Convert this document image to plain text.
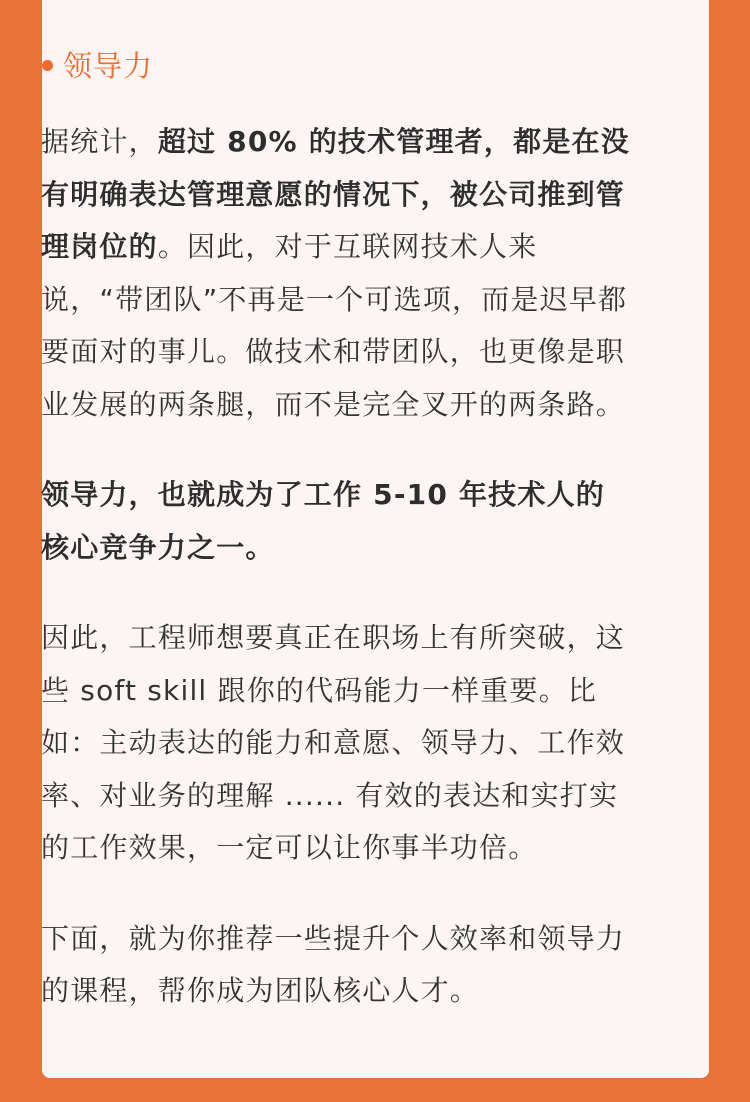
领导力

据统计，超过 80% 的技术管理者，都是在没有明确表达管理意愿的情况下，被公司推到管理岗位的。因此，对于互联网技术人来说，“带团队”不再是一个可选项，而是迟早都要面对的事儿。做技术和带团队，也更像是职业发展的两条腿，而不是完全叉开的两条路。

领导力，也就成为了工作 5-10 年技术人的核心竞争力之一。

因此，工程师想要真正在职场上有所突破，这些 soft skill 跟你的代码能力一样重要。比如：主动表达的能力和意愿、领导力、工作效率、对业务的理解 ...... 有效的表达和实打实的工作效果，一定可以让你事半功倍。

下面，就为你推荐一些提升个人效率和领导力的课程，帮你成为团队核心人才。
